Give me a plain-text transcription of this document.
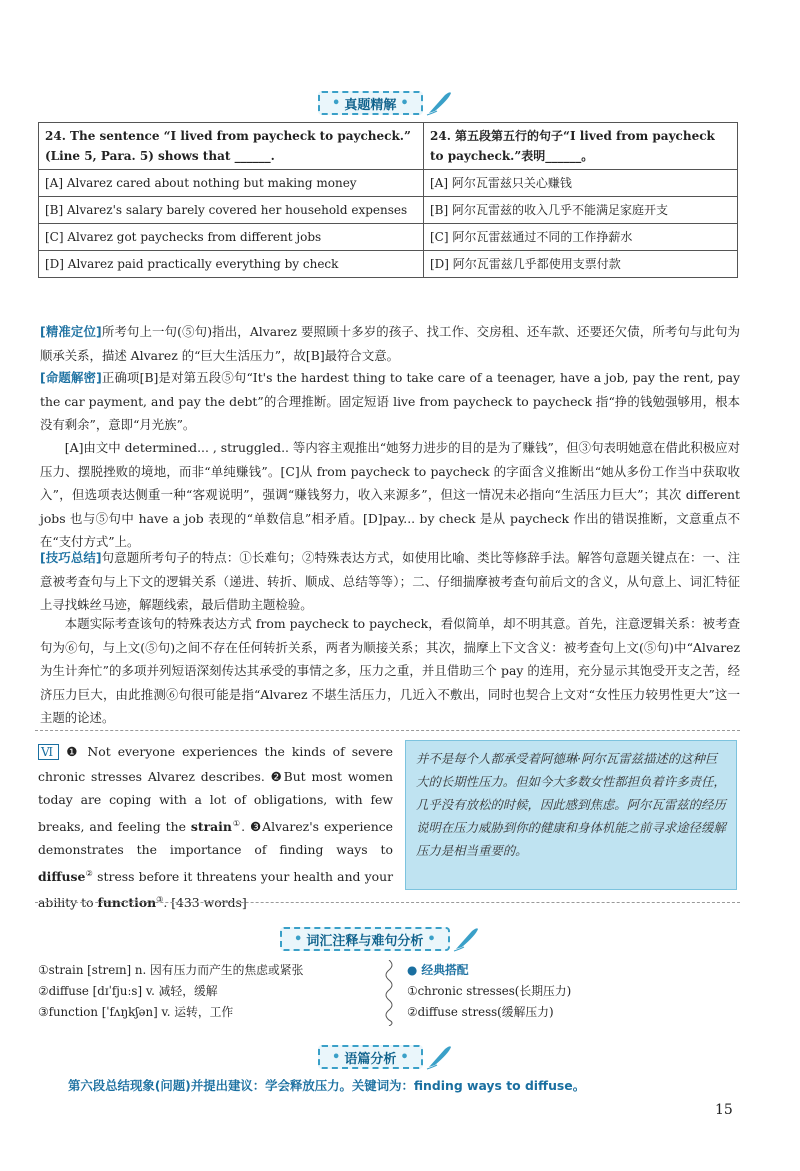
• 真题精解 •
24. The sentence “I lived from paycheck to paycheck.” (Line 5, Para. 5) shows that ______.	24. 第五段第五行的句子“I lived from paycheck to paycheck.”表明______。
[A] Alvarez cared about nothing but making money	[A] 阿尔瓦雷兹只关心赚钱
[B] Alvarez's salary barely covered her household expenses	[B] 阿尔瓦雷兹的收入几乎不能满足家庭开支
[C] Alvarez got paychecks from different jobs	[C] 阿尔瓦雷兹通过不同的工作挣薪水
[D] Alvarez paid practically everything by check	[D] 阿尔瓦雷兹几乎都使用支票付款
[精准定位]所考句上一句(⑤句)指出，Alvarez 要照顾十多岁的孩子、找工作、交房租、还车款、还要还欠债，所考句与此句为顺承关系，描述 Alvarez 的“巨大生活压力”，故[B]最符合文意。
[命题解密]正确项[B]是对第五段⑤句“It's the hardest thing to take care of a teenager, have a job, pay the rent, pay the car payment, and pay the debt”的合理推断。固定短语 live from paycheck to paycheck 指“挣的钱勉强够用，根本没有剩余”，意即“月光族”。
[A]由文中 determined... , struggled.. 等内容主观推出“她努力进步的目的是为了赚钱”，但③句表明她意在借此积极应对压力、摆脱挫败的境地，而非“单纯赚钱”。[C]从 from paycheck to paycheck 的字面含义推断出“她从多份工作当中获取收入”，但选项表达侧重一种“客观说明”，强调“赚钱努力，收入来源多”，但这一情况未必指向“生活压力巨大”；其次 different jobs 也与⑤句中 have a job 表现的“单数信息”相矛盾。[D]pay... by check 是从 paycheck 作出的错误推断，文意重点不在“支付方式”上。
[技巧总结]句意题所考句子的特点：①长难句；②特殊表达方式，如使用比喻、类比等修辞手法。解答句意题关键点在：一、注意被考查句与上下文的逻辑关系（递进、转折、顺成、总结等等）；二、仔细揣摩被考查句前后文的含义，从句意上、词汇特征上寻找蛛丝马迹，解题线索，最后借助主题检验。
本题实际考查该句的特殊表达方式 from paycheck to paycheck，看似简单，却不明其意。首先，注意逻辑关系：被考查句为⑥句，与上文(⑤句)之间不存在任何转折关系，两者为顺接关系；其次，揣摩上下文含义：被考查句上文(⑤句)中“Alvarez 为生计奔忙”的多项并列短语深刻传达其承受的事情之多，压力之重，并且借助三个 pay 的连用，充分显示其饱受开支之苦，经济压力巨大，由此推测⑥句很可能是指“Alvarez 不堪生活压力，几近入不敷出，同时也契合上文对“女性压力较男性更大”这一主题的论述。
Ⅵ ❶ Not everyone experiences the kinds of severe chronic stresses Alvarez describes. ❷But most women today are coping with a lot of obligations, with few breaks, and feeling the strain①. ❸Alvarez's experience demonstrates the importance of finding ways to diffuse② stress before it threatens your health and your ability to function③. [433 words]
并不是每个人都承受着阿德琳·阿尔瓦雷兹描述的这种巨大的长期性压力。但如今大多数女性都担负着许多责任，几乎没有放松的时候，因此感到焦虑。阿尔瓦雷兹的经历说明在压力威胁到你的健康和身体机能之前寻求途径缓解压力是相当重要的。
• 词汇注释与难句分析 •
①strain [streɪn] n. 因有压力而产生的焦虑或紧张
②diffuse [dɪˈfjuːs] v. 减轻，缓解
③function [ˈfʌŋkʃən] v. 运转，工作
● 经典搭配
①chronic stresses(长期压力)
②diffuse stress(缓解压力)
• 语篇分析 •
第六段总结现象(问题)并提出建议：学会释放压力。关键词为：finding ways to diffuse。
15
